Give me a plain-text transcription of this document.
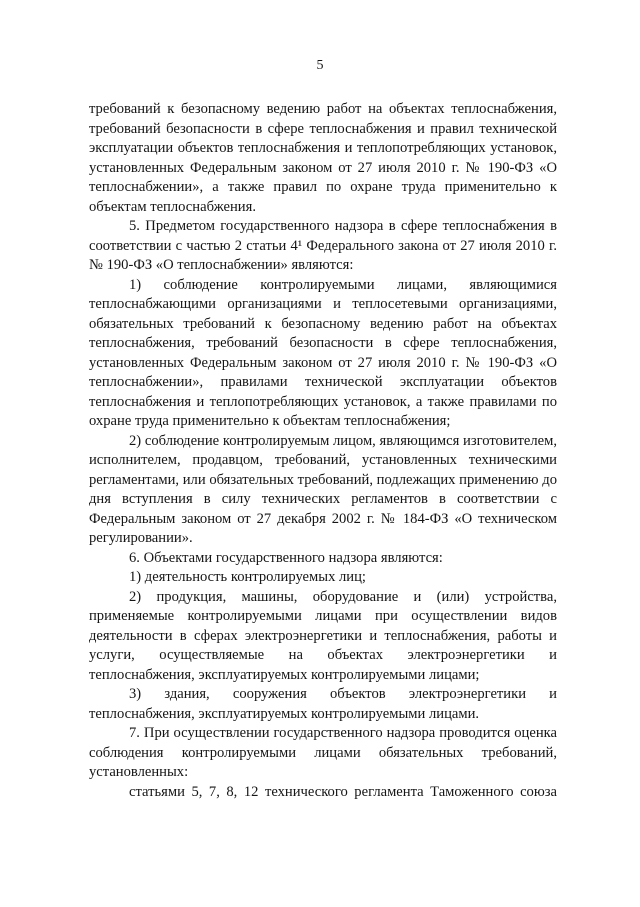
5

требований к безопасному ведению работ на объектах теплоснабжения, требований безопасности в сфере теплоснабжения и правил технической эксплуатации объектов теплоснабжения и теплопотребляющих установок, установленных Федеральным законом от 27 июля 2010 г. № 190-ФЗ «О теплоснабжении», а также правил по охране труда применительно к объектам теплоснабжения.

5. Предметом государственного надзора в сфере теплоснабжения в соответствии с частью 2 статьи 4¹ Федерального закона от 27 июля 2010 г. № 190-ФЗ «О теплоснабжении» являются:

1) соблюдение контролируемыми лицами, являющимися теплоснабжающими организациями и теплосетевыми организациями, обязательных требований к безопасному ведению работ на объектах теплоснабжения, требований безопасности в сфере теплоснабжения, установленных Федеральным законом от 27 июля 2010 г. № 190-ФЗ «О теплоснабжении», правилами технической эксплуатации объектов теплоснабжения и теплопотребляющих установок, а также правилами по охране труда применительно к объектам теплоснабжения;

2) соблюдение контролируемым лицом, являющимся изготовителем, исполнителем, продавцом, требований, установленных техническими регламентами, или обязательных требований, подлежащих применению до дня вступления в силу технических регламентов в соответствии с Федеральным законом от 27 декабря 2002 г. № 184-ФЗ «О техническом регулировании».

6. Объектами государственного надзора являются:

1) деятельность контролируемых лиц;

2) продукция, машины, оборудование и (или) устройства, применяемые контролируемыми лицами при осуществлении видов деятельности в сферах электроэнергетики и теплоснабжения, работы и услуги, осуществляемые на объектах электроэнергетики и теплоснабжения, эксплуатируемых контролируемыми лицами;

3) здания, сооружения объектов электроэнергетики и теплоснабжения, эксплуатируемых контролируемыми лицами.

7. При осуществлении государственного надзора проводится оценка соблюдения контролируемыми лицами обязательных требований, установленных:

статьями 5, 7, 8, 12 технического регламента Таможенного союза
